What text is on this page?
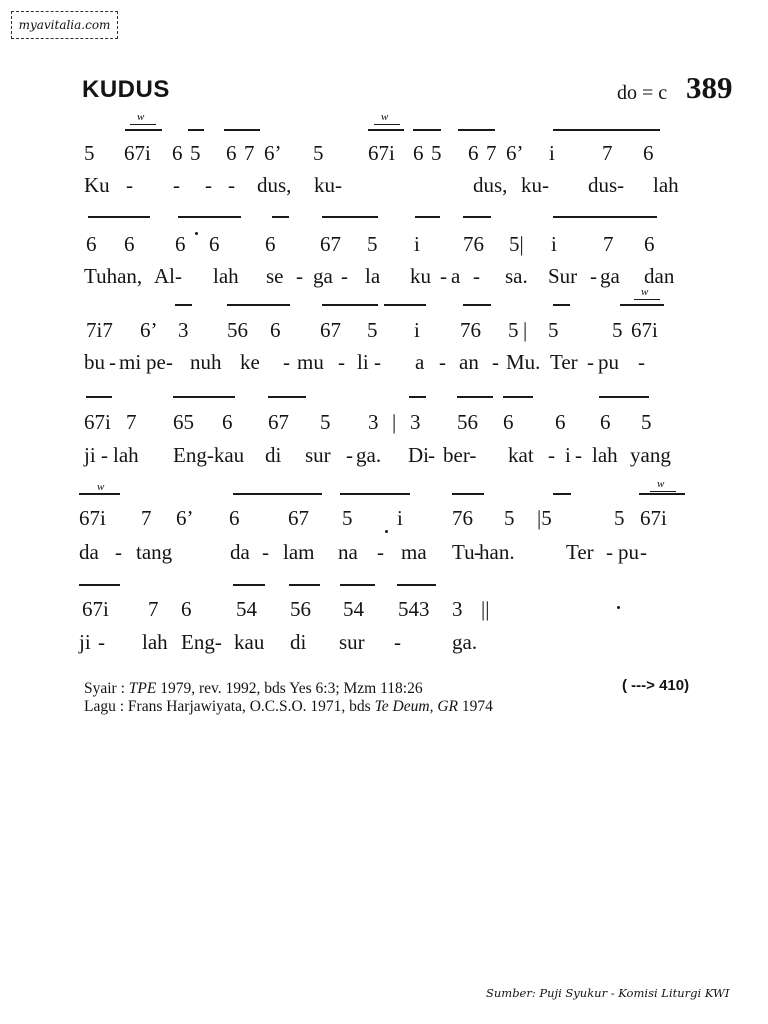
myavitalia.com
KUDUS	do = c 389
5 67i 6 5 6 7 6’ 5 67i 6 5 6 7 6’ i 7 6
6 6 6 6 6 67 5 i 76 5| i 7 6
7i7 6’ 3 56 6 67 5 i 76 5 | 5	5 67i
67i 7 65 6 67 5 3 | 3 56 6 6 6 5
67i 7 6’ 6 67 5 i 76 5 |5	5 67i
67i 7 6 54 56 54 543 3 ||
Ku - - - - dus, ku-	dus, ku- dus- lah
Tuhan, Al- lah se - ga - la ku - a - sa. Sur - ga dan
bu - mi pe- nuh ke - mu - li - a - an - Mu. Ter - pu -
ji - lah Eng-kau di sur - ga. Di - ber- kat - i - lah yang
da - tang	da - lam na - ma Tu -
han. Ter - pu -
ji - lah Eng- kau di sur - ga.
w	w
w
w	w
Syair : TPE 1979, rev. 1992, bds Yes 6:3; Mzm 118:26
Lagu : Frans Harjawiyata, O.C.S.O. 1971, bds Te Deum, GR 1974
( ---> 410)
Sumber: Puji Syukur - Komisi Liturgi KWI
